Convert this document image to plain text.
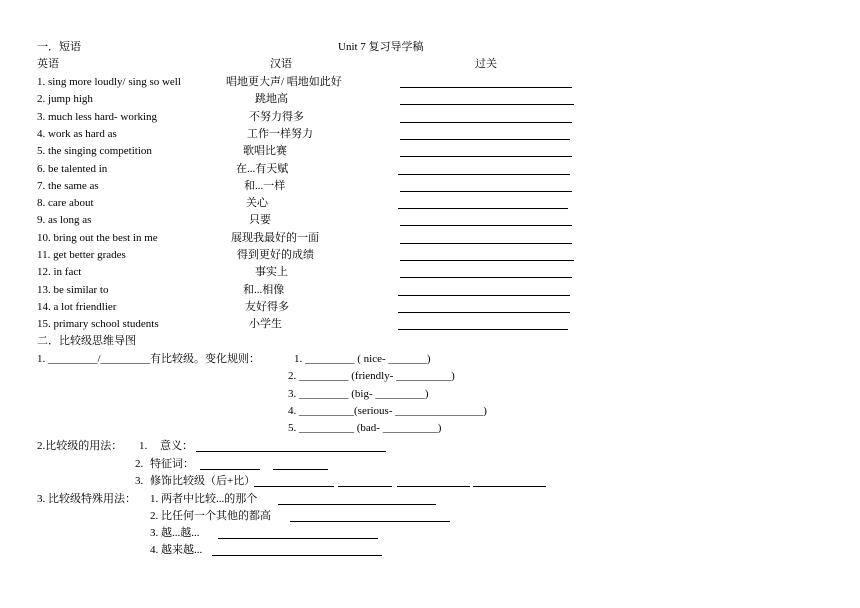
一．短语	Unit 7 复习导学稿
英语	汉语	过关
1. sing more loudly/ sing so well	唱地更大声/ 唱地如此好
2. jump high	跳地高
3. much less hard- working	不努力得多
4. work as hard as	工作一样努力
5. the singing competition	歌唱比赛
6. be talented in	在...有天赋
7. the same as	和...一样
8. care about	关心
9. as long as	只要
10. bring out the best in me	展现我最好的一面
11. get better grades	得到更好的成绩
12. in fact	事实上
13. be similar to	和...相像
14. a lot friendlier	友好得多
15. primary school students	小学生
二．比较级思维导图
1. _________/_________有比较级。变化规则：	1. _________ ( nice- _______)
2. _________ (friendly- __________)
3. _________ (big- _________)
4. __________(serious- ________________)
5. __________ (bad- __________)
2.比较级的用法： 1. 意义：
2. 特征词：
3. 修饰比较级（后+比）
3. 比较级特殊用法： 1. 两者中比较...的那个
2. 比任何一个其他的都高
3. 越...越...
4. 越来越...
